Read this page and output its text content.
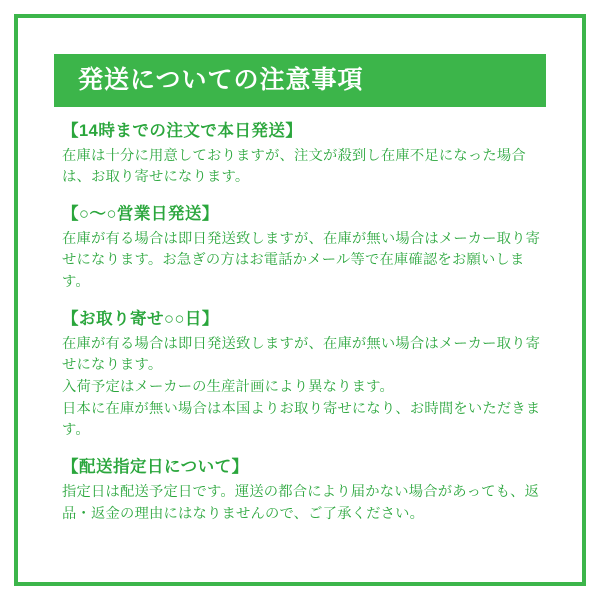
発送についての注意事項
【14時までの注文で本日発送】

在庫は十分に用意しておりますが、注文が殺到し在庫不足になった場合は、お取り寄せになります。

【○〜○営業日発送】

在庫が有る場合は即日発送致しますが、在庫が無い場合はメーカー取り寄せになります。お急ぎの方はお電話かメール等で在庫確認をお願いします。

【お取り寄せ○○日】

在庫が有る場合は即日発送致しますが、在庫が無い場合はメーカー取り寄せになります。

入荷予定はメーカーの生産計画により異なります。

日本に在庫が無い場合は本国よりお取り寄せになり、お時間をいただきます。

【配送指定日について】

指定日は配送予定日です。運送の都合により届かない場合があっても、返品・返金の理由にはなりませんので、ご了承ください。
